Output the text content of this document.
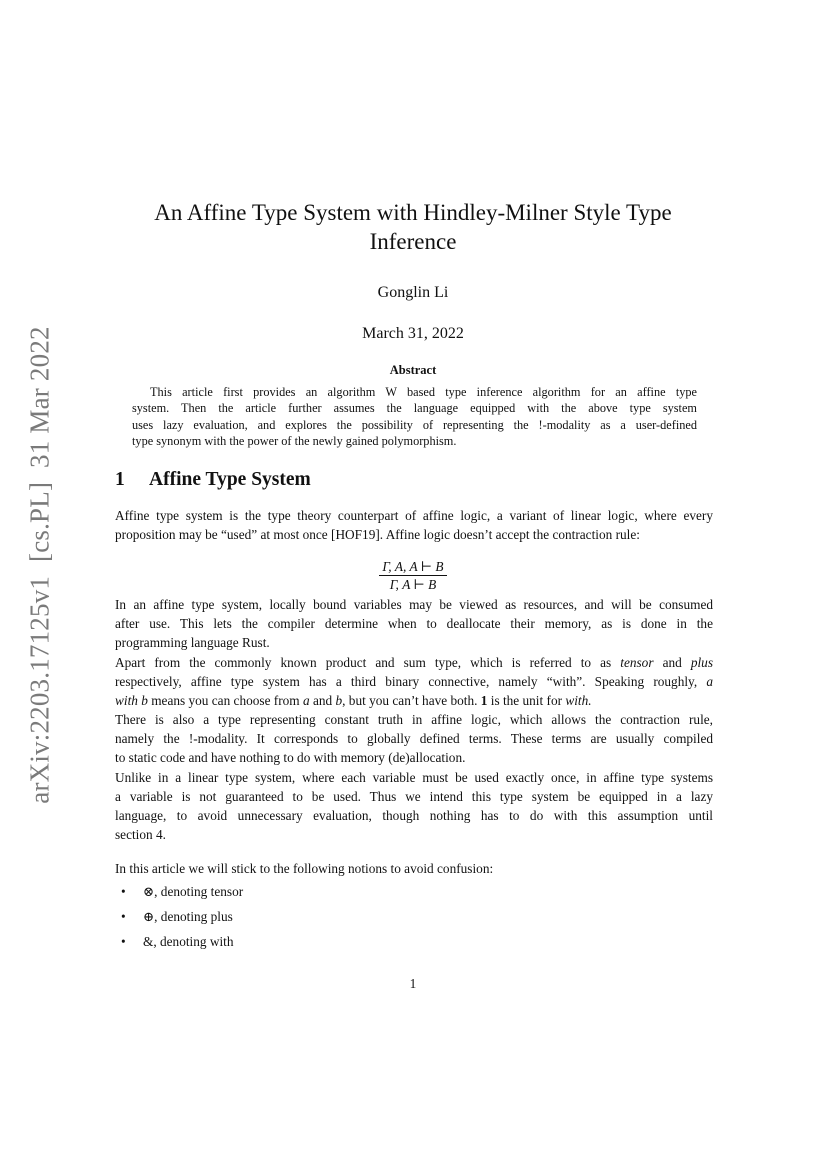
arXiv:2203.17125v1  [cs.PL]  31 Mar 2022
An Affine Type System with Hindley-Milner Style Type
Inference
Gonglin Li
March 31, 2022
Abstract
This article first provides an algorithm W based type inference algorithm for an affine type
system. Then the article further assumes the language equipped with the above type system
uses lazy evaluation, and explores the possibility of representing the !-modality as a user-defined
type synonym with the power of the newly gained polymorphism.
1 Affine Type System
Affine type system is the type theory counterpart of affine logic, a variant of linear logic, where every
proposition may be “used” at most once [HOF19]. Affine logic doesn’t accept the contraction rule:
$\frac{\Gamma, A, A ⊢ B}{\Gamma, A ⊢ B}$
In an affine type system, locally bound variables may be viewed as resources, and will be consumed
after use. This lets the compiler determine when to deallocate their memory, as is done in the
programming language Rust.
Apart from the commonly known product and sum type, which is referred to as tensor and plus
respectively, affine type system has a third binary connective, namely “with”. Speaking roughly, a
with b means you can choose from a and b, but you can’t have both. 1 is the unit for with.
There is also a type representing constant truth in affine logic, which allows the contraction rule,
namely the !-modality. It corresponds to globally defined terms. These terms are usually compiled
to static code and have nothing to do with memory (de)allocation.
Unlike in a linear type system, where each variable must be used exactly once, in affine type systems
a variable is not guaranteed to be used. Thus we intend this type system be equipped in a lazy
language, to avoid unnecessary evaluation, though nothing has to do with this assumption until
section 4.
In this article we will stick to the following notions to avoid confusion:
• ⊗, denoting tensor
• ⊕, denoting plus
• &, denoting with
1
